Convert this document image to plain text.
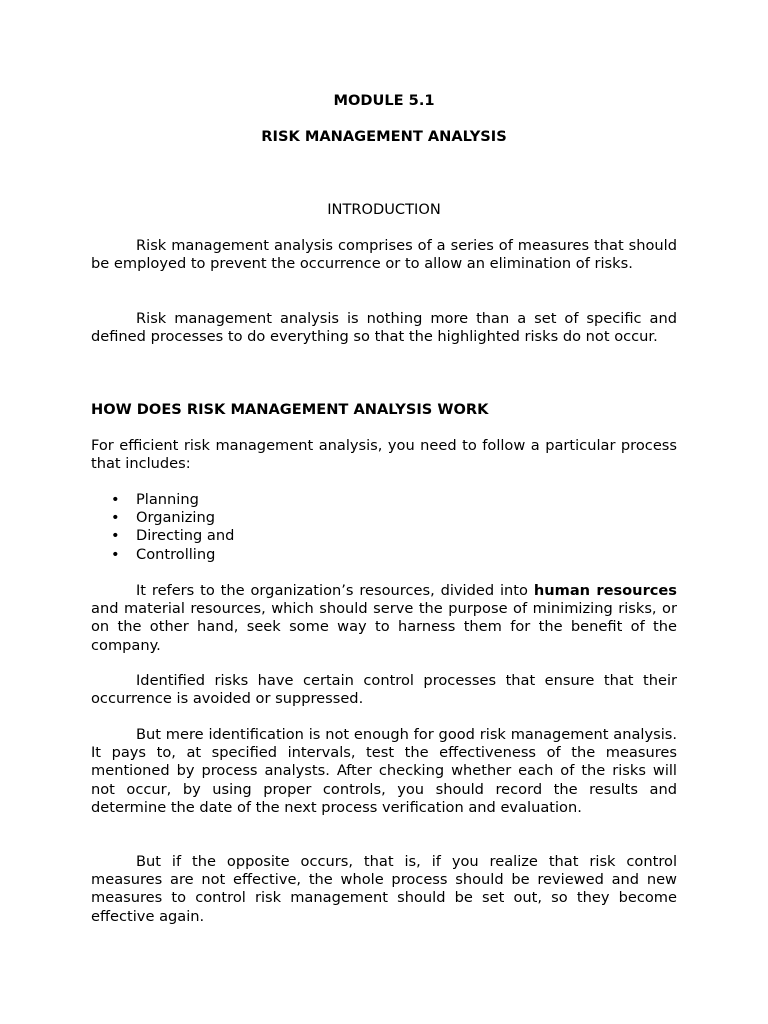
MODULE 5.1

RISK MANAGEMENT ANALYSIS

INTRODUCTION

Risk management analysis comprises of a series of measures that should be employed to prevent the occurrence or to allow an elimination of risks.

Risk management analysis is nothing more than a set of specific and defined processes to do everything so that the highlighted risks do not occur.

HOW DOES RISK MANAGEMENT ANALYSIS WORK

For efficient risk management analysis, you need to follow a particular process that includes:

• Planning
• Organizing
• Directing and
• Controlling

It refers to the organization’s resources, divided into human resources and material resources, which should serve the purpose of minimizing risks, or on the other hand, seek some way to harness them for the benefit of the company.

Identified risks have certain control processes that ensure that their occurrence is avoided or suppressed.

But mere identification is not enough for good risk management analysis. It pays to, at specified intervals, test the effectiveness of the measures mentioned by process analysts. After checking whether each of the risks will not occur, by using proper controls, you should record the results and determine the date of the next process verification and evaluation.

But if the opposite occurs, that is, if you realize that risk control measures are not effective, the whole process should be reviewed and new measures to control risk management should be set out, so they become effective again.
